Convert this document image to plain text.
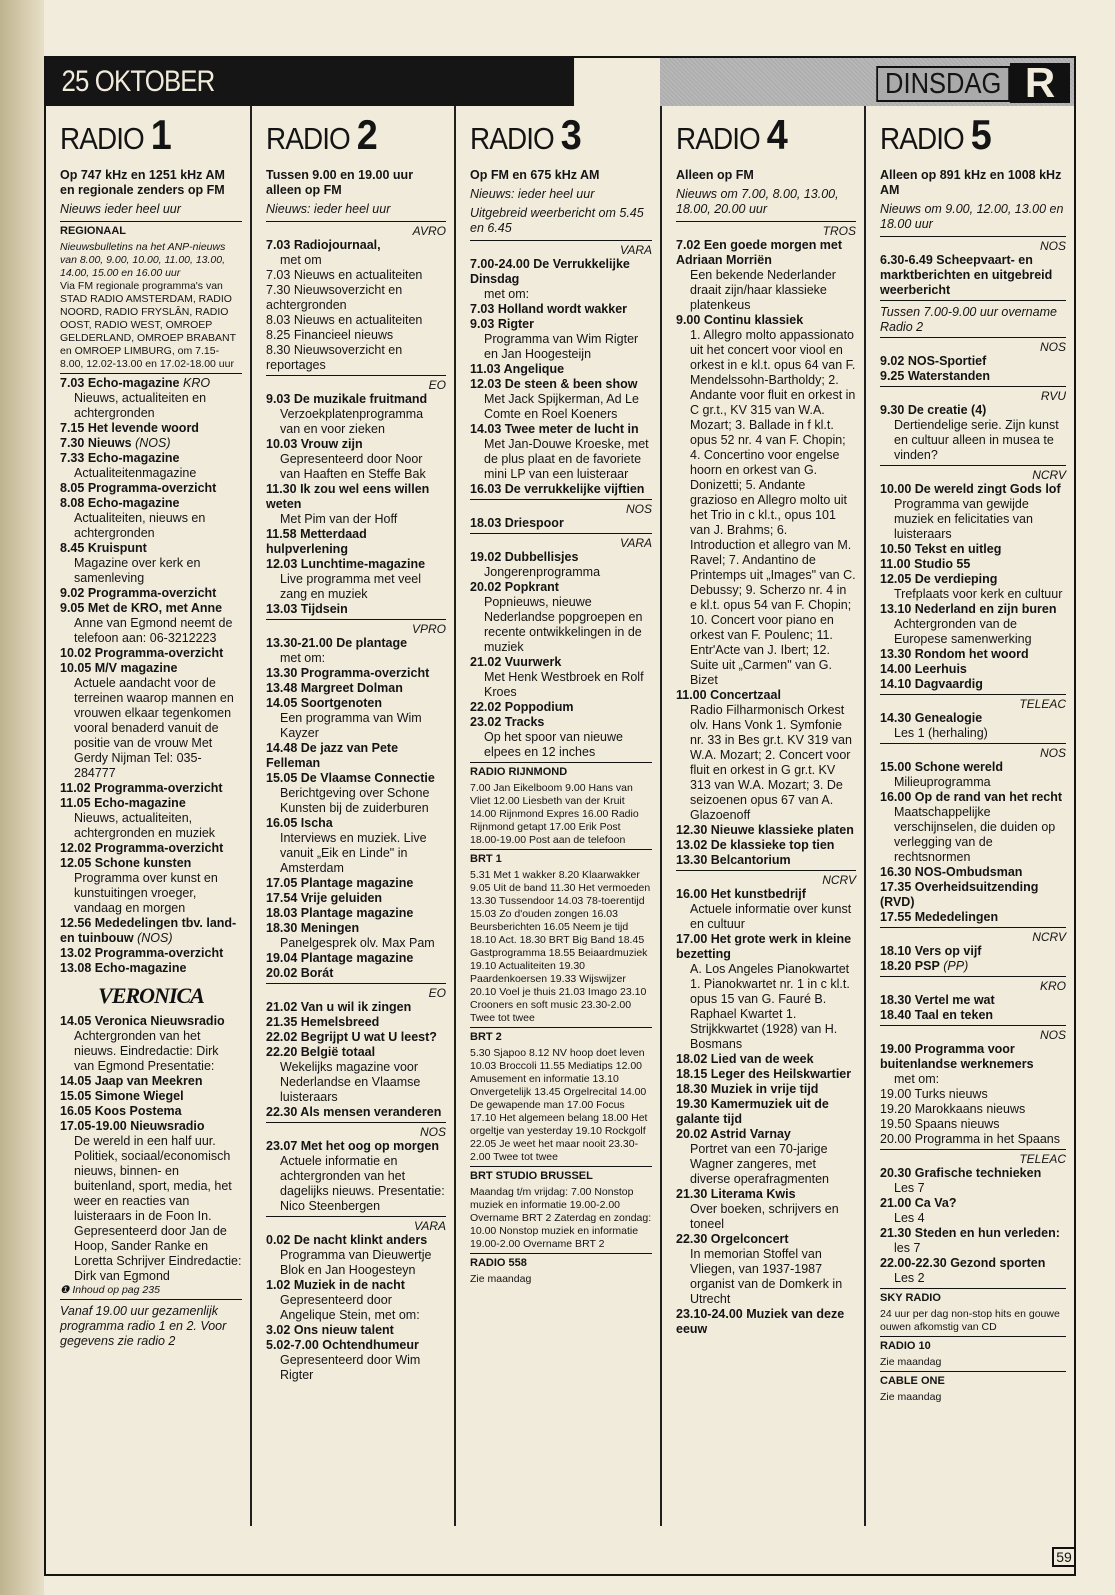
25 OKTOBER	DINSDAG R
RADIO 1
Op 747 kHz en 1251 kHz AM en regionale zenders op FM
Nieuws ieder heel uur
REGIONAAL
Nieuwsbulletins na het ANP-nieuws van 8.00, 9.00, 10.00, 11.00, 13.00, 14.00, 15.00 en 16.00 uur
Via FM regionale programma's van STAD RADIO AMSTERDAM, RADIO NOORD, RADIO FRYSLÂN, RADIO OOST, RADIO WEST, OMROEP GELDERLAND, OMROEP BRABANT en OMROEP LIMBURG, om 7.15-8.00, 12.02-13.00 en 17.02-18.00 uur
7.03 Echo-magazine KRO
Nieuws, actualiteiten en achtergronden
7.15 Het levende woord
7.30 Nieuws (NOS)
7.33 Echo-magazine
Actualiteitenmagazine
8.05 Programma-overzicht
8.08 Echo-magazine
Actualiteiten, nieuws en achtergronden
8.45 Kruispunt
Magazine over kerk en samenleving
9.02 Programma-overzicht
9.05 Met de KRO, met Anne
Anne van Egmond neemt de telefoon aan: 06-3212223
10.02 Programma-overzicht
10.05 M/V magazine
Actuele aandacht voor de terreinen waarop mannen en vrouwen elkaar tegenkomen vooral benaderd vanuit de positie van de vrouw Met Gerdy Nijman Tel: 035-284777
11.02 Programma-overzicht
11.05 Echo-magazine
Nieuws, actualiteiten, achtergronden en muziek
12.02 Programma-overzicht
12.05 Schone kunsten
Programma over kunst en kunstuitingen vroeger, vandaag en morgen
12.56 Mededelingen tbv. land- en tuinbouw (NOS)
13.02 Programma-overzicht
13.08 Echo-magazine
VERONICA
14.05 Veronica Nieuwsradio
Achtergronden van het nieuws. Eindredactie: Dirk van Egmond Presentatie:
14.05 Jaap van Meekren
15.05 Simone Wiegel
16.05 Koos Postema
17.05-19.00 Nieuwsradio
De wereld in een half uur. Politiek, sociaal/economisch nieuws, binnen- en buitenland, sport, media, het weer en reacties van luisteraars in de Foon In. Gepresenteerd door Jan de Hoop, Sander Ranke en Loretta Schrijver Eindredactie: Dirk van Egmond
❶ Inhoud op pag 235
Vanaf 19.00 uur gezamenlijk programma radio 1 en 2. Voor gegevens zie radio 2
RADIO 2
Tussen 9.00 en 19.00 uur alleen op FM
Nieuws: ieder heel uur
AVRO
7.03 Radiojournaal,
met om
7.03 Nieuws en actualiteiten
7.30 Nieuwsoverzicht en achtergronden
8.03 Nieuws en actualiteiten
8.25 Financieel nieuws
8.30 Nieuwsoverzicht en reportages
EO
9.03 De muzikale fruitmand
Verzoekplatenprogramma van en voor zieken
10.03 Vrouw zijn
Gepresenteerd door Noor van Haaften en Steffe Bak
11.30 Ik zou wel eens willen weten
Met Pim van der Hoff
11.58 Metterdaad hulpverlening
12.03 Lunchtime-magazine
Live programma met veel zang en muziek
13.03 Tijdsein
VPRO
13.30-21.00 De plantage
met om:
13.30 Programma-overzicht
13.48 Margreet Dolman
14.05 Soortgenoten
Een programma van Wim Kayzer
14.48 De jazz van Pete Felleman
15.05 De Vlaamse Connectie
Berichtgeving over Schone Kunsten bij de zuiderburen
16.05 Ischa
Interviews en muziek. Live vanuit „Eik en Linde" in Amsterdam
17.05 Plantage magazine
17.54 Vrije geluiden
18.03 Plantage magazine
18.30 Meningen
Panelgesprek olv. Max Pam
19.04 Plantage magazine
20.02 Borát
EO
21.02 Van u wil ik zingen
21.35 Hemelsbreed
22.02 Begrijpt U wat U leest?
22.20 België totaal
Wekelijks magazine voor Nederlandse en Vlaamse luisteraars
22.30 Als mensen veranderen
NOS
23.07 Met het oog op morgen
Actuele informatie en achtergronden van het dagelijks nieuws. Presentatie: Nico Steenbergen
VARA
0.02 De nacht klinkt anders
Programma van Dieuwertje Blok en Jan Hoogesteyn
1.02 Muziek in de nacht
Gepresenteerd door Angelique Stein, met om:
3.02 Ons nieuw talent
5.02-7.00 Ochtendhumeur
Gepresenteerd door Wim Rigter
RADIO 3
Op FM en 675 kHz AM
Nieuws: ieder heel uur
Uitgebreid weerbericht om 5.45 en 6.45
VARA
7.00-24.00 De Verrukkelijke Dinsdag
met om:
7.03 Holland wordt wakker
9.03 Rigter
Programma van Wim Rigter en Jan Hoogesteijn
11.03 Angelique
12.03 De steen & been show
Met Jack Spijkerman, Ad Le Comte en Roel Koeners
14.03 Twee meter de lucht in
Met Jan-Douwe Kroeske, met de plus plaat en de favoriete mini LP van een luisteraar
16.03 De verrukkelijke vijftien
NOS
18.03 Driespoor
VARA
19.02 Dubbellisjes
Jongerenprogramma
20.02 Popkrant
Popnieuws, nieuwe Nederlandse popgroepen en recente ontwikkelingen in de muziek
21.02 Vuurwerk
Met Henk Westbroek en Rolf Kroes
22.02 Poppodium
23.02 Tracks
Op het spoor van nieuwe elpees en 12 inches
RADIO RIJNMOND
7.00 Jan Eikelboom 9.00 Hans van Vliet 12.00 Liesbeth van der Kruit 14.00 Rijnmond Expres 16.00 Radio Rijnmond getapt 17.00 Erik Post 18.00-19.00 Post aan de telefoon
BRT 1
5.31 Met 1 wakker 8.20 Klaarwakker 9.05 Uit de band 11.30 Het vermoeden 13.30 Tussendoor 14.03 78-toerentijd 15.03 Zo d'ouden zongen 16.03 Beursberichten 16.05 Neem je tijd 18.10 Act. 18.30 BRT Big Band 18.45 Gastprogramma 18.55 Beiaardmuziek 19.10 Actualiteiten 19.30 Paardenkoersen 19.33 Wijswijzer 20.10 Voel je thuis 21.03 Imago 23.10 Crooners en soft music 23.30-2.00 Twee tot twee
BRT 2
5.30 Sjapoo 8.12 NV hoop doet leven 10.03 Broccoli 11.55 Mediatips 12.00 Amusement en informatie 13.10 Onvergetelijk 13.45 Orgelrecital 14.00 De gewapende man 17.00 Focus 17.10 Het algemeen belang 18.00 Het orgeltje van yesterday 19.10 Rockgolf 22.05 Je weet het maar nooit 23.30-2.00 Twee tot twee
BRT STUDIO BRUSSEL
Maandag t/m vrijdag: 7.00 Nonstop muziek en informatie 19.00-2.00 Overname BRT 2 Zaterdag en zondag: 10.00 Nonstop muziek en informatie 19.00-2.00 Overname BRT 2
RADIO 558
Zie maandag
RADIO 4
Alleen op FM
Nieuws om 7.00, 8.00, 13.00, 18.00, 20.00 uur
TROS
7.02 Een goede morgen met Adriaan Morriën
Een bekende Nederlander draait zijn/haar klassieke platenkeus
9.00 Continu klassiek
1. Allegro molto appassionato uit het concert voor viool en orkest in e kl.t. opus 64 van F. Mendelssohn-Bartholdy; 2. Andante voor fluit en orkest in C gr.t., KV 315 van W.A. Mozart; 3. Ballade in f kl.t. opus 52 nr. 4 van F. Chopin; 4. Concertino voor engelse hoorn en orkest van G. Donizetti; 5. Andante grazioso en Allegro molto uit het Trio in c kl.t., opus 101 van J. Brahms; 6. Introduction et allegro van M. Ravel; 7. Andantino de Printemps uit „Images" van C. Debussy; 9. Scherzo nr. 4 in e kl.t. opus 54 van F. Chopin; 10. Concert voor piano en orkest van F. Poulenc; 11. Entr'Acte van J. Ibert; 12. Suite uit „Carmen" van G. Bizet
11.00 Concertzaal
Radio Filharmonisch Orkest olv. Hans Vonk 1. Symfonie nr. 33 in Bes gr.t. KV 319 van W.A. Mozart; 2. Concert voor fluit en orkest in G gr.t. KV 313 van W.A. Mozart; 3. De seizoenen opus 67 van A. Glazoenoff
12.30 Nieuwe klassieke platen
13.02 De klassieke top tien
13.30 Belcantorium
NCRV
16.00 Het kunstbedrijf
Actuele informatie over kunst en cultuur
17.00 Het grote werk in kleine bezetting
A. Los Angeles Pianokwartet 1. Pianokwartet nr. 1 in c kl.t. opus 15 van G. Fauré B. Raphael Kwartet 1. Strijkkwartet (1928) van H. Bosmans
18.02 Lied van de week
18.15 Leger des Heilskwartier
18.30 Muziek in vrije tijd
19.30 Kamermuziek uit de galante tijd
20.02 Astrid Varnay
Portret van een 70-jarige Wagner zangeres, met diverse operafragmenten
21.30 Literama Kwis
Over boeken, schrijvers en toneel
22.30 Orgelconcert
In memorian Stoffel van Vliegen, van 1937-1987 organist van de Domkerk in Utrecht
23.10-24.00 Muziek van deze eeuw
RADIO 5
Alleen op 891 kHz en 1008 kHz AM
Nieuws om 9.00, 12.00, 13.00 en 18.00 uur
NOS
6.30-6.49 Scheepvaart- en marktberichten en uitgebreid weerbericht
Tussen 7.00-9.00 uur overname Radio 2
NOS
9.02 NOS-Sportief
9.25 Waterstanden
RVU
9.30 De creatie (4)
Dertiendelige serie. Zijn kunst en cultuur alleen in musea te vinden?
NCRV
10.00 De wereld zingt Gods lof
Programma van gewijde muziek en felicitaties van luisteraars
10.50 Tekst en uitleg
11.00 Studio 55
12.05 De verdieping
Trefplaats voor kerk en cultuur
13.10 Nederland en zijn buren
Achtergronden van de Europese samenwerking
13.30 Rondom het woord
14.00 Leerhuis
14.10 Dagvaardig
TELEAC
14.30 Genealogie
Les 1 (herhaling)
NOS
15.00 Schone wereld
Milieuprogramma
16.00 Op de rand van het recht
Maatschappelijke verschijnselen, die duiden op verlegging van de rechtsnormen
16.30 NOS-Ombudsman
17.35 Overheidsuitzending (RVD)
17.55 Mededelingen
NCRV
18.10 Vers op vijf
18.20 PSP (PP)
KRO
18.30 Vertel me wat
18.40 Taal en teken
NOS
19.00 Programma voor buitenlandse werknemers
met om:
19.00 Turks nieuws
19.20 Marokkaans nieuws
19.50 Spaans nieuws
20.00 Programma in het Spaans
TELEAC
20.30 Grafische technieken
Les 7
21.00 Ca Va?
Les 4
21.30 Steden en hun verleden:
les 7
22.00-22.30 Gezond sporten
Les 2
SKY RADIO
24 uur per dag non-stop hits en gouwe ouwen afkomstig van CD
RADIO 10
Zie maandag
CABLE ONE
Zie maandag
59
